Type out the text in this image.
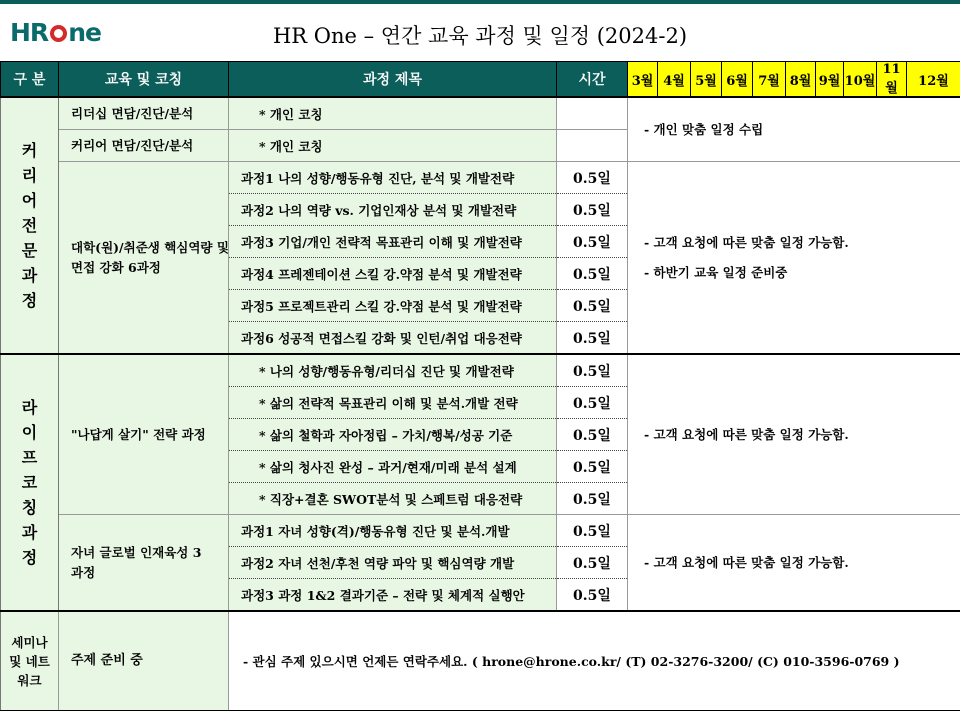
HR ne	HR One – 연간 교육 과정 및 일정 (2024-2)
구 분	교육 및 코칭	과정 제목	시간	3월	4월	5월	6월	7월	8월	9월	10월	11월	12월

커리어전문과정	리더십 면담/진단/분석	* 개인 코칭		- 개인 맞춤 일정 수립									

	커리어 면담/진단/분석	* 개인 코칭											

	대학(원)/취준생 핵심역량 및 면접 강화 6과정	과정1 나의 성향/행동유형 진단, 분석 및 개발전략	0.5일	- 고객 요청에 따른 맞춤 일정 가능함.
- 하반기 교육 일정 준비중									

		과정2 나의 역량 vs. 기업인재상 분석 및 개발전략	0.5일										
		과정3 기업/개인 전략적 목표관리 이해 및 개발전략	0.5일										
		과정4 프레젠테이션 스킬 강.약점 분석 및 개발전략	0.5일										
		과정5 프로젝트관리 스킬 강.약점 분석 및 개발전략	0.5일										
		과정6 성공적 면접스킬 강화 및 인턴/취업 대응전략	0.5일										

라이프코칭과정	"나답게 살기" 전략 과정	* 나의 성향/행동유형/리더십 진단 및 개발전략	0.5일	- 고객 요청에 따른 맞춤 일정 가능함.									

		* 삶의 전략적 목표관리 이해 및 분석.개발 전략	0.5일										
		* 삶의 철학과 자아정립 – 가치/행복/성공 기준	0.5일										
		* 삶의 청사진 완성 – 과거/현재/미래 분석 설계	0.5일										
		* 직장+결혼 SWOT분석 및 스페트럼 대응전략	0.5일										

	자녀 글로벌 인재육성 3과정	과정1 자녀 성향(격)/행동유형 진단 및 분석.개발	0.5일	- 고객 요청에 따른 맞춤 일정 가능함.									

		과정2 자녀 선천/후천 역량 파악 및 핵심역량 개발	0.5일										
		과정3 과정 1&2 결과기준 – 전략 및 체계적 실행안	0.5일										

세미나 및 네트워크	주제 준비 중	- 관심 주제 있으시면 언제든 연락주세요. ( hrone@hrone.co.kr/ (T) 02-3276-3200/ (C) 010-3596-0769 )											
